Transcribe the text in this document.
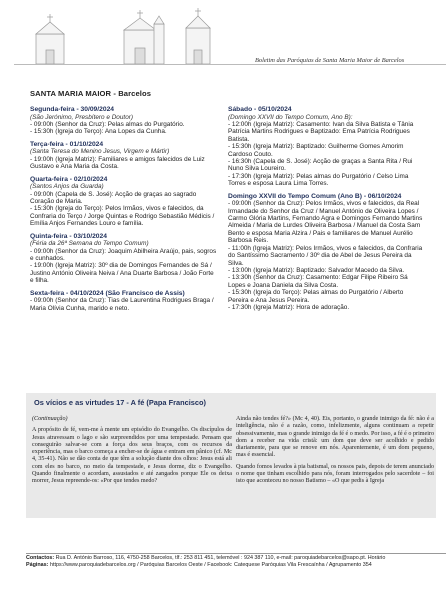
Boletim das Paróquias de Santa Maria Maior de Barcelos
SANTA MARIA MAIOR - Barcelos
Segunda-feira - 30/09/2024
(São Jerónimo, Presbítero e Doutor)
- 09:00h (Senhor da Cruz): Pelas almas do Purgatório.
- 15:30h (Igreja do Terço): Ana Lopes da Cunha.
Terça-feira - 01/10/2024
(Santa Teresa do Menino Jesus, Virgem e Mártir)
- 19:00h (Igreja Matriz): Familiares e amigos falecidos de Luiz Gustavo e Ana Maria da Costa.
Quarta-feira - 02/10/2024
(Santos Anjos da Guarda)
- 09:00h (Capela de S. José): Acção de graças ao sagrado Coração de Maria.
- 15:30h (Igreja do Terço): Pelos Irmãos, vivos e falecidos, da Confraria do Terço / Jorge Quintas e Rodrigo Sebastião Médicis / Emília Anjos Fernandes Louro e família.
Quinta-feira - 03/10/2024
(Féria da 26ª Semana do Tempo Comum)
- 09:00h (Senhor da Cruz): Joaquim Abilheira Araújo, pais, sogros e cunhados.
- 19:00h (Igreja Matriz): 30º dia de Domingos Fernandes de Sá / Justino António Oliveira Neiva / Ana Duarte Barbosa / João Forte e filha.
Sexta-feira - 04/10/2024 (São Francisco de Assis)
- 09:00h (Senhor da Cruz): Tias de Laurentina Rodrigues Braga / Maria Olívia Cunha, marido e neto.
Sábado - 05/10/2024
(Domingo XXVII do Tempo Comum, Ano B):
- 12:00h (Igreja Matriz): Casamento: Ivan da Silva Batista e Tânia Patrícia Martins Rodrigues e Baptizado: Ema Patrícia Rodrigues Batista.
- 15:30h (Igreja Matriz): Baptizado: Guilherme Gomes Amorim Cardoso Couto.
- 16:30h (Capela de S. José): Acção de graças a Santa Rita / Rui Nuno Silva Loureiro.
- 17:30h (Igreja Matriz): Pelas almas do Purgatório / Celso Lima Torres e esposa Laura Lima Torres.
Domingo XXVII do Tempo Comum (Ano B) - 06/10/2024
- 09:00h (Senhor da Cruz): Pelos Irmãos, vivos e falecidos, da Real Irmandade do Senhor da Cruz / Manuel António de Oliveira Lopes / Carmo Glória Martins, Fernando Agra e Domingos Fernando Martins Almeida / Maria de Lurdes Oliveira Barbosa / Manuel da Costa Sam Bento e esposa Maria Alzira / Pais e familiares de Manuel Aurélio Barbosa Reis.
- 11:00h (Igreja Matriz): Pelos Irmãos, vivos e falecidos, da Confraria do Santíssimo Sacramento / 30º dia de Abel de Jesus Pereira da Silva.
- 13:00h (Igreja Matriz): Baptizado: Salvador Macedo da Silva.
- 13:30h (Senhor da Cruz): Casamento: Edgar Filipe Ribeiro Sá Lopes e Joana Daniela da Silva Costa.
- 15:30h (Igreja do Terço): Pelas almas do Purgatório / Alberto Pereira e Ana Jesus Pereira.
- 17:30h (Igreja Matriz): Hora de adoração.
Os vícios e as virtudes 17 - A fé (Papa Francisco)

(Continuação)

A propósito de fé, vem-me à mente um episódio do Evangelho. Os discípulos de Jesus atravessam o lago e são surpreendidos por uma tempestade. Pensam que conseguirão salvar-se com a força dos seus braços, com os recursos da experiência, mas o barco começa a encher-se de água e entram em pânico (cf. Mc 4, 35-41). Não se dão conta de que têm a solução diante dos olhos: Jesus está ali com eles no barco, no meio da tempestade, e Jesus dorme, diz o Evangelho. Quando finalmente o acordam, assustados e até zangados porque Ele os deixa morrer, Jesus repreende-os: «Por que tendes medo?

Ainda não tendes fé?» (Mc 4, 40). Eis, portanto, o grande inimigo da fé: não é a inteligência, não é a razão, como, infelizmente, alguns continuam a repetir obsessivamente, mas o grande inimigo da fé é o medo. Por isso, a fé é o primeiro dom a receber na vida cristã: um dom que deve ser acolhido e pedido diariamente, para que se renove em nós. Aparentemente, é um dom pequeno, mas é essencial.

Quando fomos levados à pia batismal, os nossos pais, depois de terem anunciado o nome que tinham escolhido para nós, foram interrogados pelo sacerdote – foi isto que aconteceu no nosso Batismo – «O que pedis à Igreja

Contactos: Rua D. António Barroso, 116, 4750-258 Barcelos, tlf.: 253 811 451, telemóvel : 924 387 110, e-mail: paroquiadebarcelos@sapo.pt. Horário
Páginas: https://www.paroquiadebarcelos.org / Paróquias Barcelos Oeste / Facebook: Catequese Paróquias Vila Frescaínha / Agrupamento 354
